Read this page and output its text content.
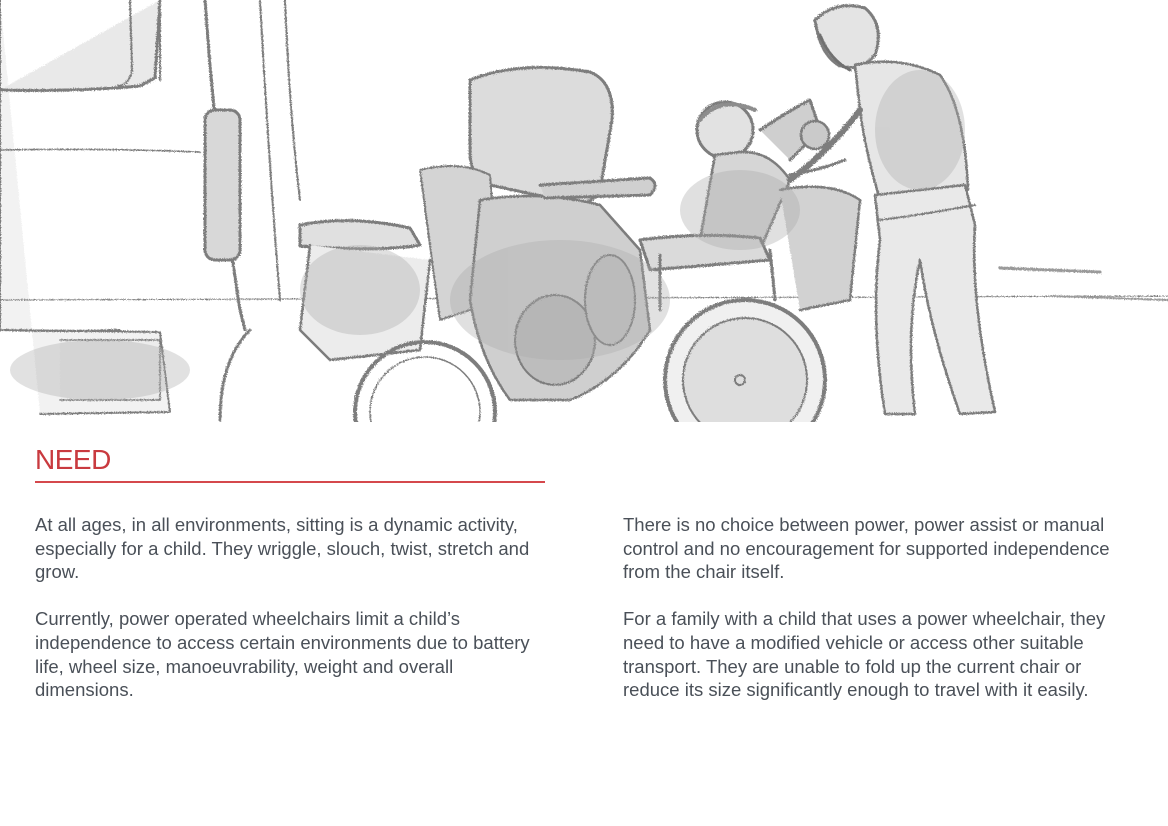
NEED

At all ages, in all environments, sitting is a dynamic activity, especially for a child. They wriggle, slouch, twist, stretch and grow.

Currently, power operated wheelchairs limit a child’s independence to access certain environments due to battery life, wheel size, manoeuvrability, weight and overall dimensions.

There is no choice between power, power assist or manual control and no encouragement for supported independence from the chair itself.

For a family with a child that uses a power wheelchair, they need to have a modified vehicle or access other suitable transport. They are unable to fold up the current chair or reduce its size significantly enough to travel with it easily.
